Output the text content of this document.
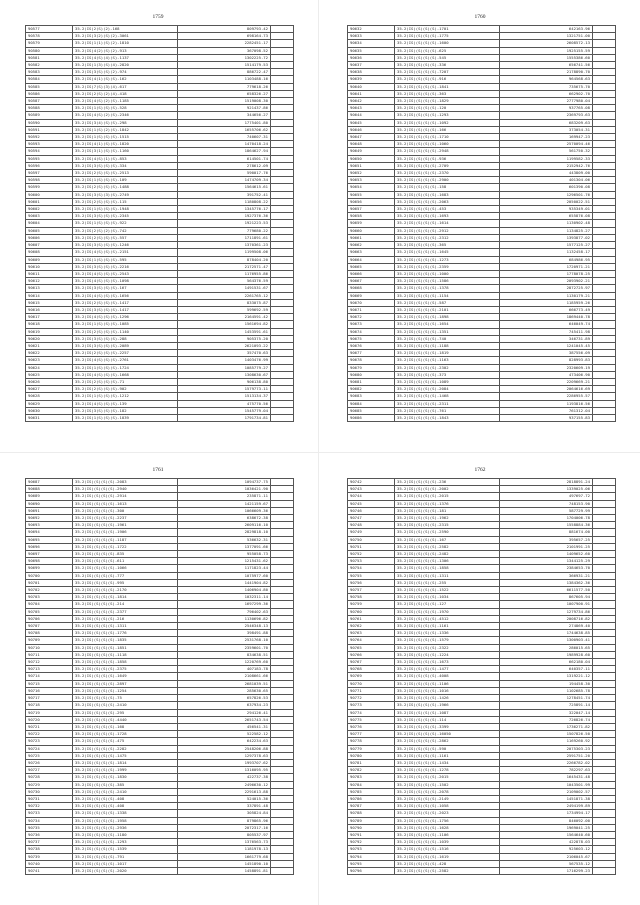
1759
90577	35.2(IS)2(S)(2)-168	809793.42	
90578	35.2(IS)3(2)(S)(2)-3061	698164.73	
90579	35.2(IS)1(1)(S)(2)-1810	2282451.17	
90580	35.2(IS)4(2)(S)(2)-913	367098.52	
90581	35.2(IS)4(S)(4)(S)-1137	1302225.72	
90582	35.2(IS)1(3)(S)(4)-2820	1514179.53	
90583	35.2(IS)3(S)(S)(2)-974	886722.47	
90584	35.2(IS)4(1)(S)(S)-162	1103488.16	
90585	35.2(IS)7(S)(3)(4)-617	779618.26	
90586	35.2(IS)2(S)(2)(4)-418	658326.27	
90587	35.2(IS)4(S)(2)(S)-1185	1519008.30	
90588	35.2(IS)1(S)(S)(S)-528	921437.86	
90589	35.2(IS)4(S)(2)(S)-2346	344656.27	
90590	35.2(IS)3(4)(S)(S)-298	1775401.80	
90591	35.2(IS)1(S)(2)(S)-1842	1655706.62	
90592	35.2(IS)1(S)(S)(S)-1515	740607.31	
90593	35.2(IS)4(1)(S)(S)-1820	1470418.24	
90594	35.2(IS)3(1)(S)(S)-1160	1864627.94	
90595	35.2(IS)4(S)(1)(S)-853	614501.74	
90596	35.2(IS)3(S)(S)(S)-334	278612.09	
90597	35.2(IS)2(S)(S)(S)-2513	590017.76	
90598	35.2(IS)1(S)(S)(S)-109	1474709.34	
90599	35.2(IS)2(S)(S)(S)-1488	1564615.61	
90600	35.2(IS)3(S)(3)(S)-2749	391752.41	
90601	35.2(IS)2(S)(S)(S)-115	1180808.22	
90602	35.2(IS)1(S)(S)(S)-1948	1345776.17	
90603	35.2(IS)3(S)(S)(S)-2345	1927376.36	
90604	35.2(IS)1(S)(S)(S)-922	1921223.53	
90605	35.2(IS)2(S)(2)(S)-742	779680.22	
90606	35.2(IS)2(S)(S)(S)-557	1711891.61	
90607	35.2(IS)3(S)(S)(S)-1246	1370361.23	
90608	35.2(IS)4(S)(S)(S)-2151	1199508.06	
90609	35.2(IS)1(S)(S)(S)-595	878404.20	
90610	35.2(IS)3(S)(S)(S)-2216	2172571.47	
90611	35.2(IS)4(S)(S)(S)-2543	1176955.86	
90612	35.2(IS)4(S)(S)(S)-1098	564376.59	
90613	35.2(IS)3(S)(S)(S)-167	1491531.67	
90614	35.2(IS)4(S)(S)(S)-1656	2261765.12	
90615	35.2(IS)2(S)(S)(S)-1417	833075.87	
90616	35.2(IS)3(S)(S)(S)-1417	599692.59	
90617	35.2(IS)4(S)(S)(S)-1296	2164591.42	
90618	35.2(IS)1(S)(S)(S)-1085	1561694.82	
90619	35.2(IS)2(S)(S)(S)-1140	1453591.61	
90620	35.2(IS)3(S)(S)(S)-288	905375.20	
90621	35.2(IS)3(S)(S)(S)-2089	2621093.22	
90622	35.2(IS)2(S)(S)(S)-2257	357470.63	
90623	35.2(IS)4(S)(S)(S)-2761	1403476.99	
90624	35.2(IS)1(S)(S)(S)-1724	1085779.27	
90625	35.2(IS)4(S)(S)(S)-1668	1308630.67	
90626	35.2(IS)2(S)(S)(S)-71	906138.80	
90627	35.2(IS)2(S)(S)(S)-902	1579773.11	
90628	35.2(IS)1(S)(S)(S)-1212	1513134.37	
90629	35.2(IS)4(S)(S)(S)-139	475770.56	
90630	35.2(IS)3(S)(S)(S)-182	1545779.04	
90631	35.2(IS)1(S)(S)(S)-1839	1791734.81	
1760
90632	35.2(IS)(S)(S)(S)-1701	642163.96	
90633	35.2(IS)(S)(S)(S)-1775	1321751.00	
90634	35.2(IS)(S)(S)(S)-1600	2608572.13	
90635	35.2(IS)(S)(S)(S)-625	1925155.59	
90636	35.2(IS)(S)(S)(S)-545	1555386.60	
90637	35.2(IS)(S)(S)(S)-336	656741.56	
90638	35.2(IS)(S)(S)(S)-7207	2178890.70	
90639	35.2(IS)(S)(S)(S)-916	964568.63	
90640	35.2(IS)(S)(S)(S)-1841	735675.70	
90641	35.2(IS)(S)(S)(S)-363	662902.70	
90642	35.2(IS)(S)(S)(S)-1829	2777980.04	
90643	35.2(IS)(S)(S)(S)-120	937765.08	
90644	35.2(IS)(S)(S)(S)-1293	2369793.63	
90645	35.2(IS)(S)(S)(S)-1092	683209.63	
90646	35.2(IS)(S)(S)(S)-166	373054.31	
90647	35.2(IS)(S)(S)(S)-1710	169947.23	
90648	35.2(IS)(S)(S)(S)-1060	2570094.46	
90649	35.2(IS)(S)(S)(S)-2948	561750.32	
90650	35.2(IS)(S)(S)(S)-936	1199582.33	
90651	35.2(IS)(S)(S)(S)-2709	2152942.76	
90652	35.2(IS)(S)(S)(S)-2370	443809.00	
90653	35.2(IS)(S)(S)(S)-2900	401304.06	
90654	35.2(IS)(S)(S)(S)-158	601390.08	
90655	35.2(IS)(S)(S)(S)-1683	1296501.76	
90656	35.2(IS)(S)(S)(S)-2063	2050022.51	
90657	35.2(IS)(S)(S)(S)-453	935349.01	
90658	35.2(IS)(S)(S)(S)-1693	655876.08	
90659	35.2(IS)(S)(S)(S)-1614	1130902.48	
90660	35.2(IS)(S)(S)(S)-2912	1134825.27	
90661	35.2(IS)(S)(S)(S)-2312	1393877.02	
90662	35.2(IS)(S)(S)(S)-365	1577125.27	
90663	35.2(IS)(S)(S)(S)-1645	1132458.17	
90664	35.2(IS)(S)(S)(S)-1273	684986.95	
90665	35.2(IS)(S)(S)(S)-2359	1720971.21	
90666	35.2(IS)(S)(S)(S)-1000	1778078.25	
90667	35.2(IS)(S)(S)(S)-1586	2093902.21	
90668	35.2(IS)(S)(S)(S)-1378	2872725.97	
90669	35.2(IS)(S)(S)(S)-1154	1130179.21	
90670	35.2(IS)(S)(S)(S)-587	1185959.26	
90671	35.2(IS)(S)(S)(S)-2101	666773.49	
90672	35.2(IS)(S)(S)(S)-1898	1869440.78	
90673	35.2(IS)(S)(S)(S)-1654	646049.74	
90674	35.2(IS)(S)(S)(S)-1351	745411.98	
90675	35.2(IS)(S)(S)(S)-740	346731.89	
90676	35.2(IS)(S)(S)(S)-1188	1241045.45	
90677	35.2(IS)(S)(S)(S)-1819	387556.09	
90678	35.2(IS)(S)(S)(S)-1163	828993.83	
90679	35.2(IS)(S)(S)(S)-2302	2320609.19	
90680	35.2(IS)(S)(S)(S)-373	473406.90	
90681	35.2(IS)(S)(S)(S)-1089	2209669.21	
90682	35.2(IS)(S)(S)(S)-2084	2064616.69	
90683	35.2(IS)(S)(S)(S)-1468	2286955.57	
90684	35.2(IS)(S)(S)(S)-2311	1193816.56	
90685	35.2(IS)(S)(S)(S)-761	761312.04	
90686	35.2(IS)(S)(S)(S)-1843	937155.83	
1761
90687	35.2(IS)(S)(S)(S)-2083	1094737.75	
90688	35.2(IS)(S)(S)(S)-2940	1036421.90	
90689	35.2(IS)(S)(S)(S)-2914	235871.11	
90690	35.2(IS)(S)(S)(S)-1613	1421159.67	
90691	35.2(IS)(S)(S)(S)-300	1066609.36	
90692	35.2(IS)(S)(S)(S)-2237	638672.38	
90693	35.2(IS)(S)(S)(S)-1961	2609116.10	
90694	35.2(IS)(S)(S)(S)-1906	2829818.10	
90695	35.2(IS)(S)(S)(S)-1187	536632.31	
90696	35.2(IS)(S)(S)(S)-1722	1377091.66	
90697	35.2(IS)(S)(S)(S)-835	955058.73	
90698	35.2(IS)(S)(S)(S)-611	1215431.62	
90699	35.2(IS)(S)(S)(S)-1066	1171823.44	
90700	35.2(IS)(S)(S)(S)-777	1075977.60	
90701	35.2(IS)(S)(S)(S)-995	1441904.82	
90702	35.2(IS)(S)(S)(S)-2170	1406904.80	
90703	35.2(IS)(S)(S)(S)-1814	1032311.14	
90704	35.2(IS)(S)(S)(S)-214	1697299.36	
90705	35.2(IS)(S)(S)(S)-2377	796402.63	
90706	35.2(IS)(S)(S)(S)-216	1130696.82	
90707	35.2(IS)(S)(S)(S)-1311	2546348.13	
90708	35.2(IS)(S)(S)(S)-1776	398491.88	
90709	35.2(IS)(S)(S)(S)-1835	2531768.10	
90710	35.2(IS)(S)(S)(S)-1851	2359601.70	
90711	35.2(IS)(S)(S)(S)-1118	834638.51	
90712	35.2(IS)(S)(S)(S)-1858	1220769.60	
90713	35.2(IS)(S)(S)(S)-2375	407183.78	
90714	35.2(IS)(S)(S)(S)-1649	2108661.66	
90715	35.2(IS)(S)(S)(S)-2897	2681039.51	
90716	35.2(IS)(S)(S)(S)-1254	285630.65	
90717	35.2(IS)(S)(S)(S)-75	657826.53	
90718	35.2(IS)(S)(S)(S)-2410	637934.23	
90719	35.2(IS)(S)(S)(S)-295	294126.41	
90720	35.2(IS)(S)(S)(S)-4440	2651743.54	
90721	35.2(IS)(S)(S)(S)-168	456541.31	
90722	35.2(IS)(S)(S)(S)-1728	522582.12	
90723	35.2(IS)(S)(S)(S)-475	642234.63	
90724	35.2(IS)(S)(S)(S)-2282	2548206.88	
90725	35.2(IS)(S)(S)(S)-1475	1297378.63	
90726	35.2(IS)(S)(S)(S)-1814	1993707.62	
90727	35.2(IS)(S)(S)(S)-1999	1316095.95	
90728	35.2(IS)(S)(S)(S)-1830	422737.38	
90729	35.2(IS)(S)(S)(S)-385	2496630.12	
90730	35.2(IS)(S)(S)(S)-2410	2291613.88	
90731	35.2(IS)(S)(S)(S)-408	524015.36	
90732	35.2(IS)(S)(S)(S)-408	337891.48	
90733	35.2(IS)(S)(S)(S)-1338	305824.84	
90734	35.2(IS)(S)(S)(S)-1958	879865.96	
90735	35.2(IS)(S)(S)(S)-2936	2072317.16	
90736	35.2(IS)(S)(S)(S)-1180	805537.97	
90737	35.2(IS)(S)(S)(S)-1293	1376563.73	
90738	35.2(IS)(S)(S)(S)-1539	1181978.13	
90739	35.2(IS)(S)(S)(S)-791	1661779.68	
90740	35.2(IS)(S)(S)(S)-1017	1451890.10	
90741	35.2(IS)(S)(S)(S)-2020	1458891.81	
1762
90742	35.2(IS)(S)(S)(S)-236	2818891.24	
90743	35.2(IS)(S)(S)(S)-2002	1339025.06	
90744	35.2(IS)(S)(S)(S)-2015	497697.72	
90745	35.2(IS)(S)(S)(S)-1376	748153.90	
90746	35.2(IS)(S)(S)(S)-181	587729.99	
90747	35.2(IS)(S)(S)(S)-1962	1704006.78	
90748	35.2(IS)(S)(S)(S)-2315	1558884.36	
90749	35.2(IS)(S)(S)(S)-2590	881674.00	
90750	35.2(IS)(S)(S)(S)-167	395657.25	
90751	35.2(IS)(S)(S)(S)-2582	2101991.25	
90752	35.2(IS)(S)(S)(S)-2482	1409652.60	
90753	35.2(IS)(S)(S)(S)-1306	1344125.29	
90754	35.2(IS)(S)(S)(S)-1858	2384653.70	
90755	35.2(IS)(S)(S)(S)-1311	366931.21	
90756	35.2(IS)(S)(S)(S)-255	1384362.36	
90757	35.2(IS)(S)(S)(S)-1522	6611577.50	
90758	35.2(IS)(S)(S)(S)-1034	867605.94	
90759	35.2(IS)(S)(S)(S)-127	1007900.91	
90760	35.2(IS)(S)(S)(S)-1970	1279734.86	
90761	35.2(IS)(S)(S)(S)-4512	2008716.82	
90762	35.2(IS)(S)(S)(S)-1161	274869.40	
90763	35.2(IS)(S)(S)(S)-1336	1744638.85	
90764	35.2(IS)(S)(S)(S)-1579	1300903.41	
90765	35.2(IS)(S)(S)(S)-2322	286015.65	
90766	35.2(IS)(S)(S)(S)-1224	1989928.60	
90767	35.2(IS)(S)(S)(S)-1673	662180.04	
90768	35.2(IS)(S)(S)(S)-1477	640357.11	
90769	35.2(IS)(S)(S)(S)-4008	1319221.12	
90770	35.2(IS)(S)(S)(S)-1106	194458.30	
90771	35.2(IS)(S)(S)(S)-1016	1102685.78	
90772	35.2(IS)(S)(S)(S)-1426	1278451.74	
90773	35.2(IS)(S)(S)(S)-1966	725891.14	
90774	35.2(IS)(S)(S)(S)-1087	322047.14	
90775	35.2(IS)(S)(S)(S)-114	726826.74	
90776	35.2(IS)(S)(S)(S)-3399	1736271.82	
90777	35.2(IS)(S)(S)(S)-16050	1507826.50	
90778	35.2(IS)(S)(S)(S)-2862	1169260.92	
90779	35.2(IS)(S)(S)(S)-590	2075303.23	
90780	35.2(IS)(S)(S)(S)-1161	2591751.20	
90781	35.2(IS)(S)(S)(S)-1434	2266782.02	
90782	35.2(IS)(S)(S)(S)-1278	782297.63	
90783	35.2(IS)(S)(S)(S)-2015	1645431.48	
90784	35.2(IS)(S)(S)(S)-1502	1043501.99	
90785	35.2(IS)(S)(S)(S)-2078	2109002.57	
90786	35.2(IS)(S)(S)(S)-2149	1451871.38	
90787	35.2(IS)(S)(S)(S)-1058	2494199.89	
90788	35.2(IS)(S)(S)(S)-2023	1734994.17	
90789	35.2(IS)(S)(S)(S)-1756	846092.00	
90790	35.2(IS)(S)(S)(S)-1628	1969041.25	
90791	35.2(IS)(S)(S)(S)-1106	1564640.60	
90792	35.2(IS)(S)(S)(S)-1039	422878.03	
90793	35.2(IS)(S)(S)(S)-1516	925603.12	
90794	35.2(IS)(S)(S)(S)-1619	2106045.67	
90795	35.2(IS)(S)(S)(S)-428	567535.12	
90796	35.2(IS)(S)(S)(S)-2582	1716299.23	
